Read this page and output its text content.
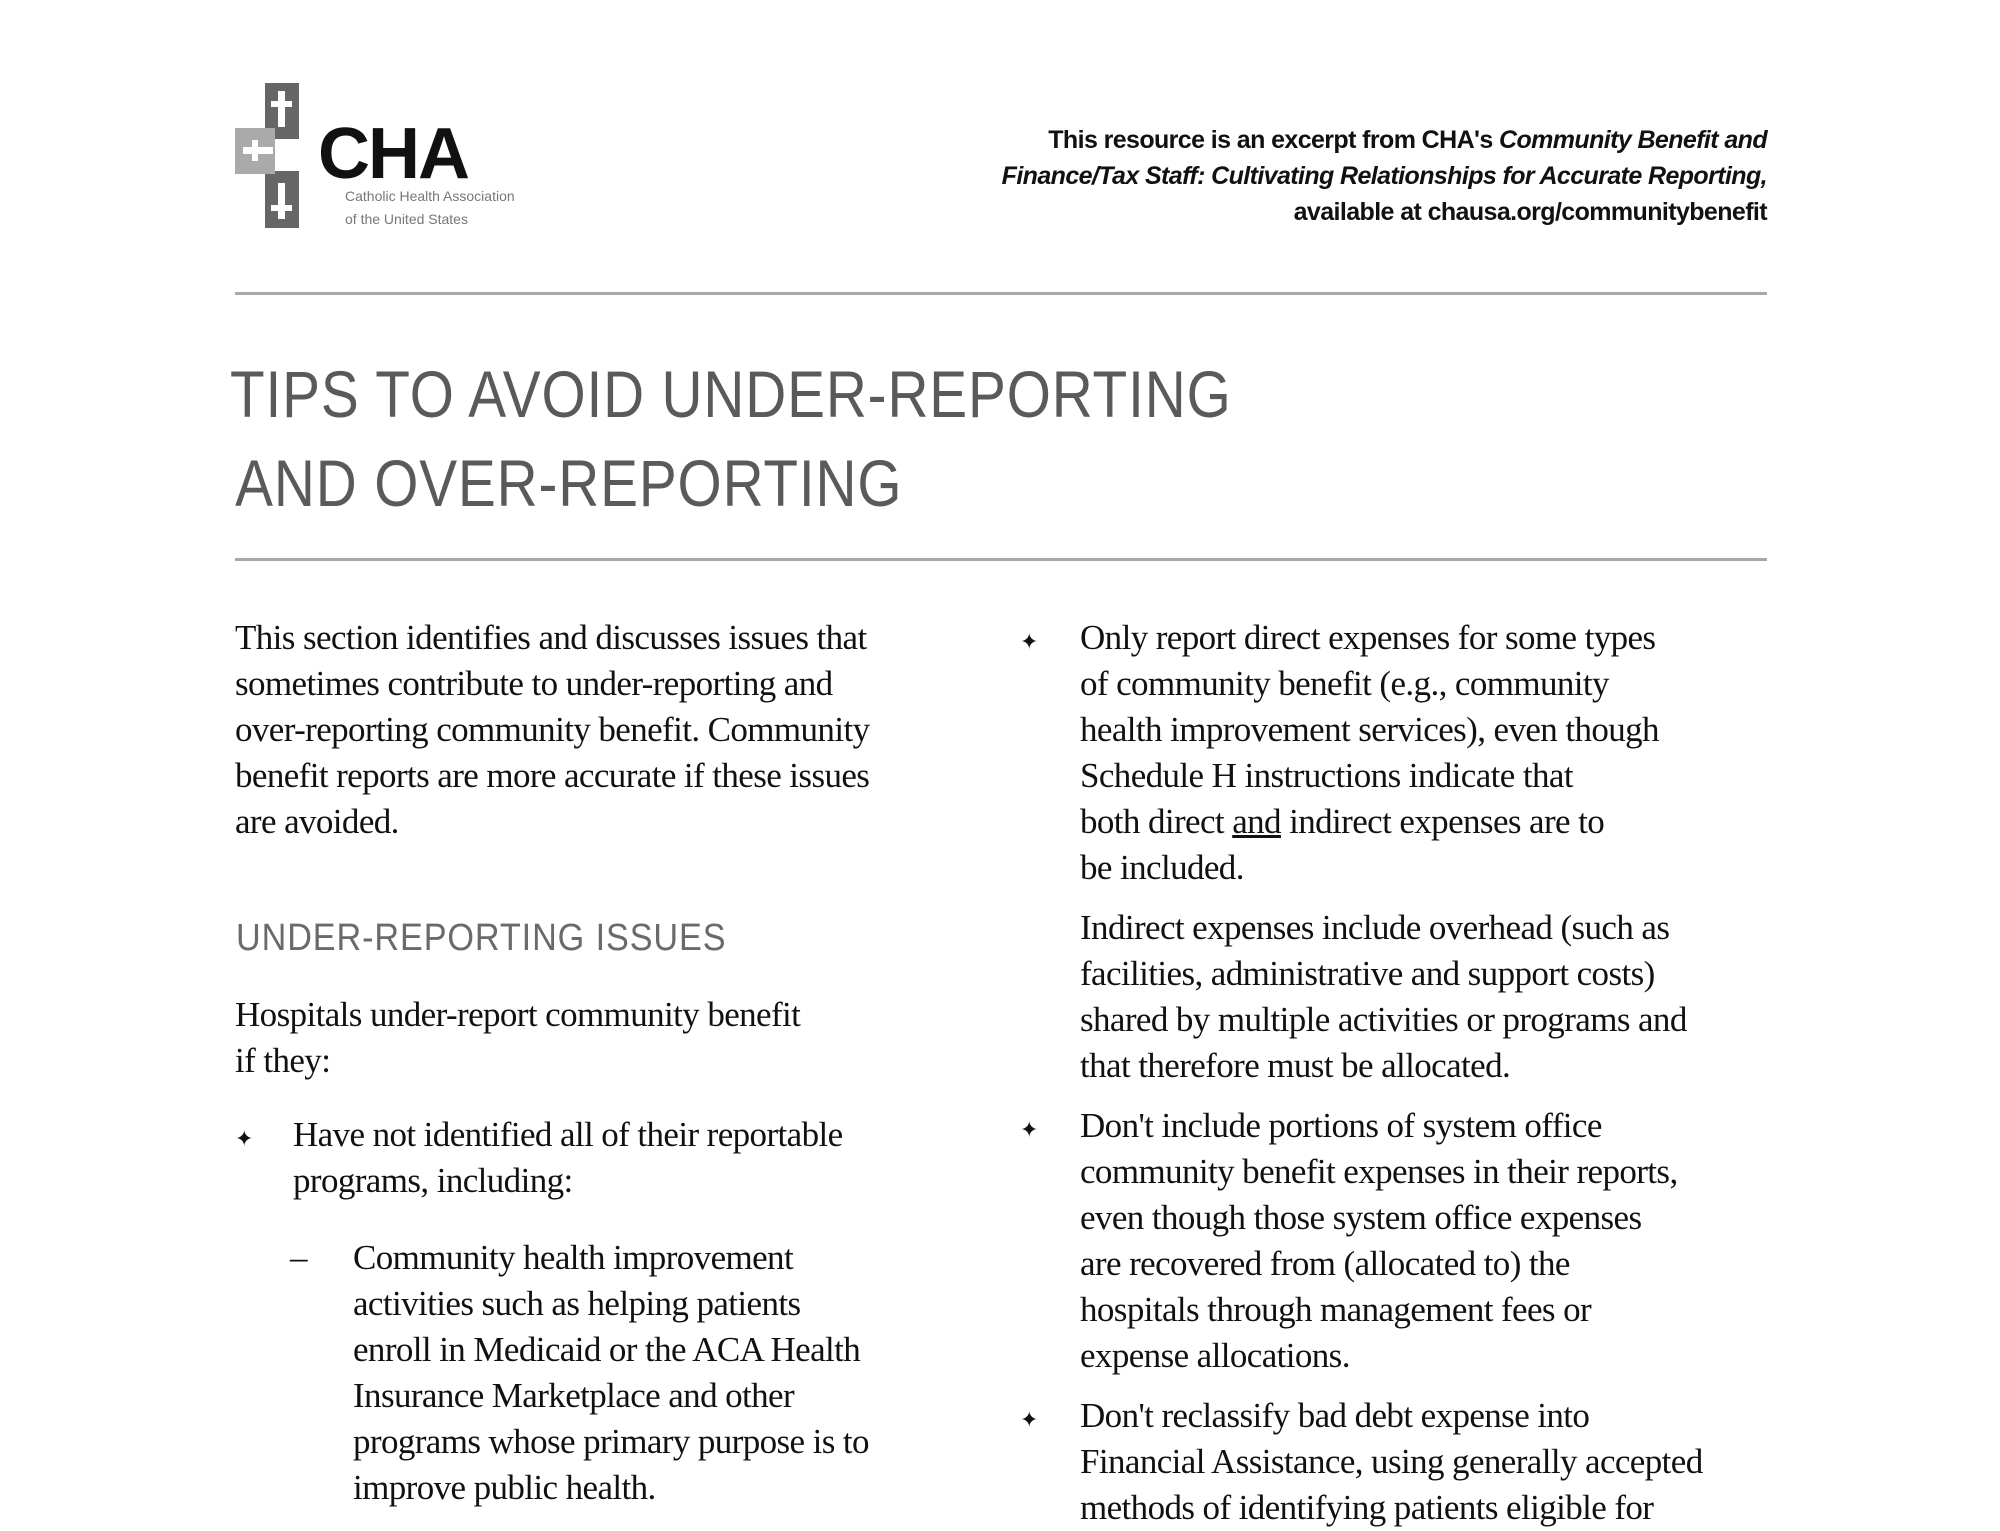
CHA
Catholic Health Association
of the United States
This resource is an excerpt from CHA's Community Benefit and
Finance/Tax Staff: Cultivating Relationships for Accurate Reporting,
available at chausa.org/communitybenefit
TIPS TO AVOID UNDER-REPORTING
AND OVER-REPORTING
This section identifies and discusses issues that
sometimes contribute to under-reporting and
over-reporting community benefit. Community
benefit reports are more accurate if these issues
are avoided.
UNDER-REPORTING ISSUES
Hospitals under-report community benefit
if they:
✦ Have not identified all of their reportable
programs, including:
– Community health improvement
activities such as helping patients
enroll in Medicaid or the ACA Health
Insurance Marketplace and other
programs whose primary purpose is to
improve public health.
✦ Only report direct expenses for some types
of community benefit (e.g., community
health improvement services), even though
Schedule H instructions indicate that
both direct and indirect expenses are to
be included.
Indirect expenses include overhead (such as
facilities, administrative and support costs)
shared by multiple activities or programs and
that therefore must be allocated.
✦ Don't include portions of system office
community benefit expenses in their reports,
even though those system office expenses
are recovered from (allocated to) the
hospitals through management fees or
expense allocations.
✦ Don't reclassify bad debt expense into
Financial Assistance, using generally accepted
methods of identifying patients eligible for
